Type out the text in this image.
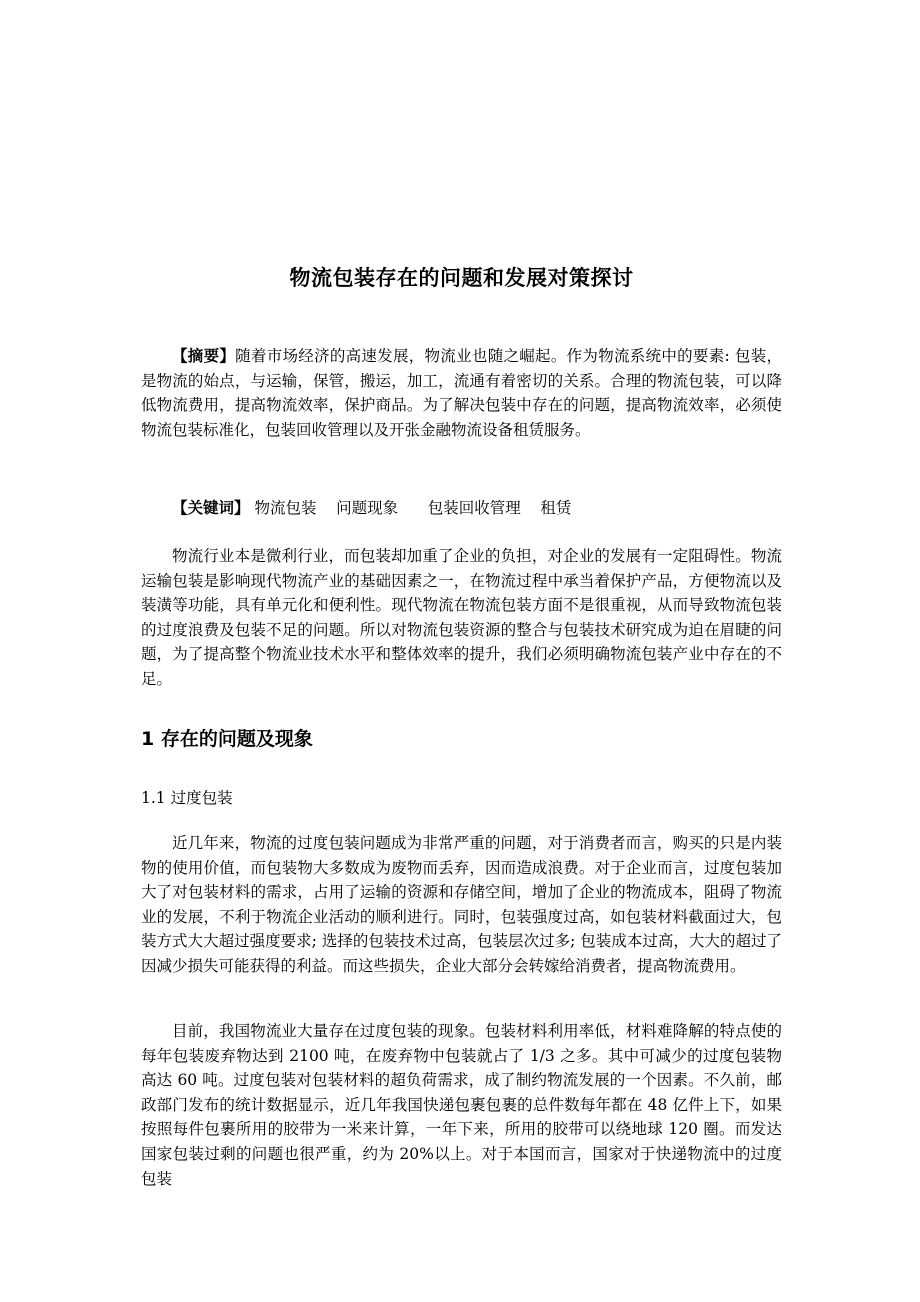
物流包装存在的问题和发展对策探讨

【摘要】随着市场经济的高速发展，物流业也随之崛起。作为物流系统中的要素: 包装，是物流的始点，与运输，保管，搬运，加工，流通有着密切的关系。合理的物流包装，可以降低物流费用，提高物流效率，保护商品。为了解决包装中存在的问题，提高物流效率，必须使物流包装标准化，包装回收管理以及开张金融物流设备租赁服务。

【关键词】 物流包装    问题现象      包装回收管理    租赁

物流行业本是微利行业，而包装却加重了企业的负担，对企业的发展有一定阻碍性。物流运输包装是影响现代物流产业的基础因素之一，在物流过程中承当着保护产品，方便物流以及装潢等功能，具有单元化和便利性。现代物流在物流包装方面不是很重视，从而导致物流包装的过度浪费及包装不足的问题。所以对物流包装资源的整合与包装技术研究成为迫在眉睫的问题，为了提高整个物流业技术水平和整体效率的提升，我们必须明确物流包装产业中存在的不足。

1 存在的问题及现象
1.1 过度包装

近几年来，物流的过度包装问题成为非常严重的问题，对于消费者而言，购买的只是内装物的使用价值，而包装物大多数成为废物而丢弃，因而造成浪费。对于企业而言，过度包装加大了对包装材料的需求，占用了运输的资源和存储空间，增加了企业的物流成本，阻碍了物流业的发展，不利于物流企业活动的顺利进行。同时，包装强度过高，如包装材料截面过大，包装方式大大超过强度要求; 选择的包装技术过高，包装层次过多; 包装成本过高，大大的超过了因减少损失可能获得的利益。而这些损失，企业大部分会转嫁给消费者，提高物流费用。

目前，我国物流业大量存在过度包装的现象。包装材料利用率低，材料难降解的特点使的每年包装废弃物达到 2100 吨，在废弃物中包装就占了 1/3 之多。其中可减少的过度包装物高达 60 吨。过度包装对包装材料的超负荷需求，成了制约物流发展的一个因素。不久前，邮政部门发布的统计数据显示，近几年我国快递包裹包裹的总件数每年都在 48 亿件上下，如果按照每件包裹所用的胶带为一米来计算，一年下来，所用的胶带可以绕地球 120 圈。而发达国家包装过剩的问题也很严重，约为 20%以上。对于本国而言，国家对于快递物流中的过度包装
